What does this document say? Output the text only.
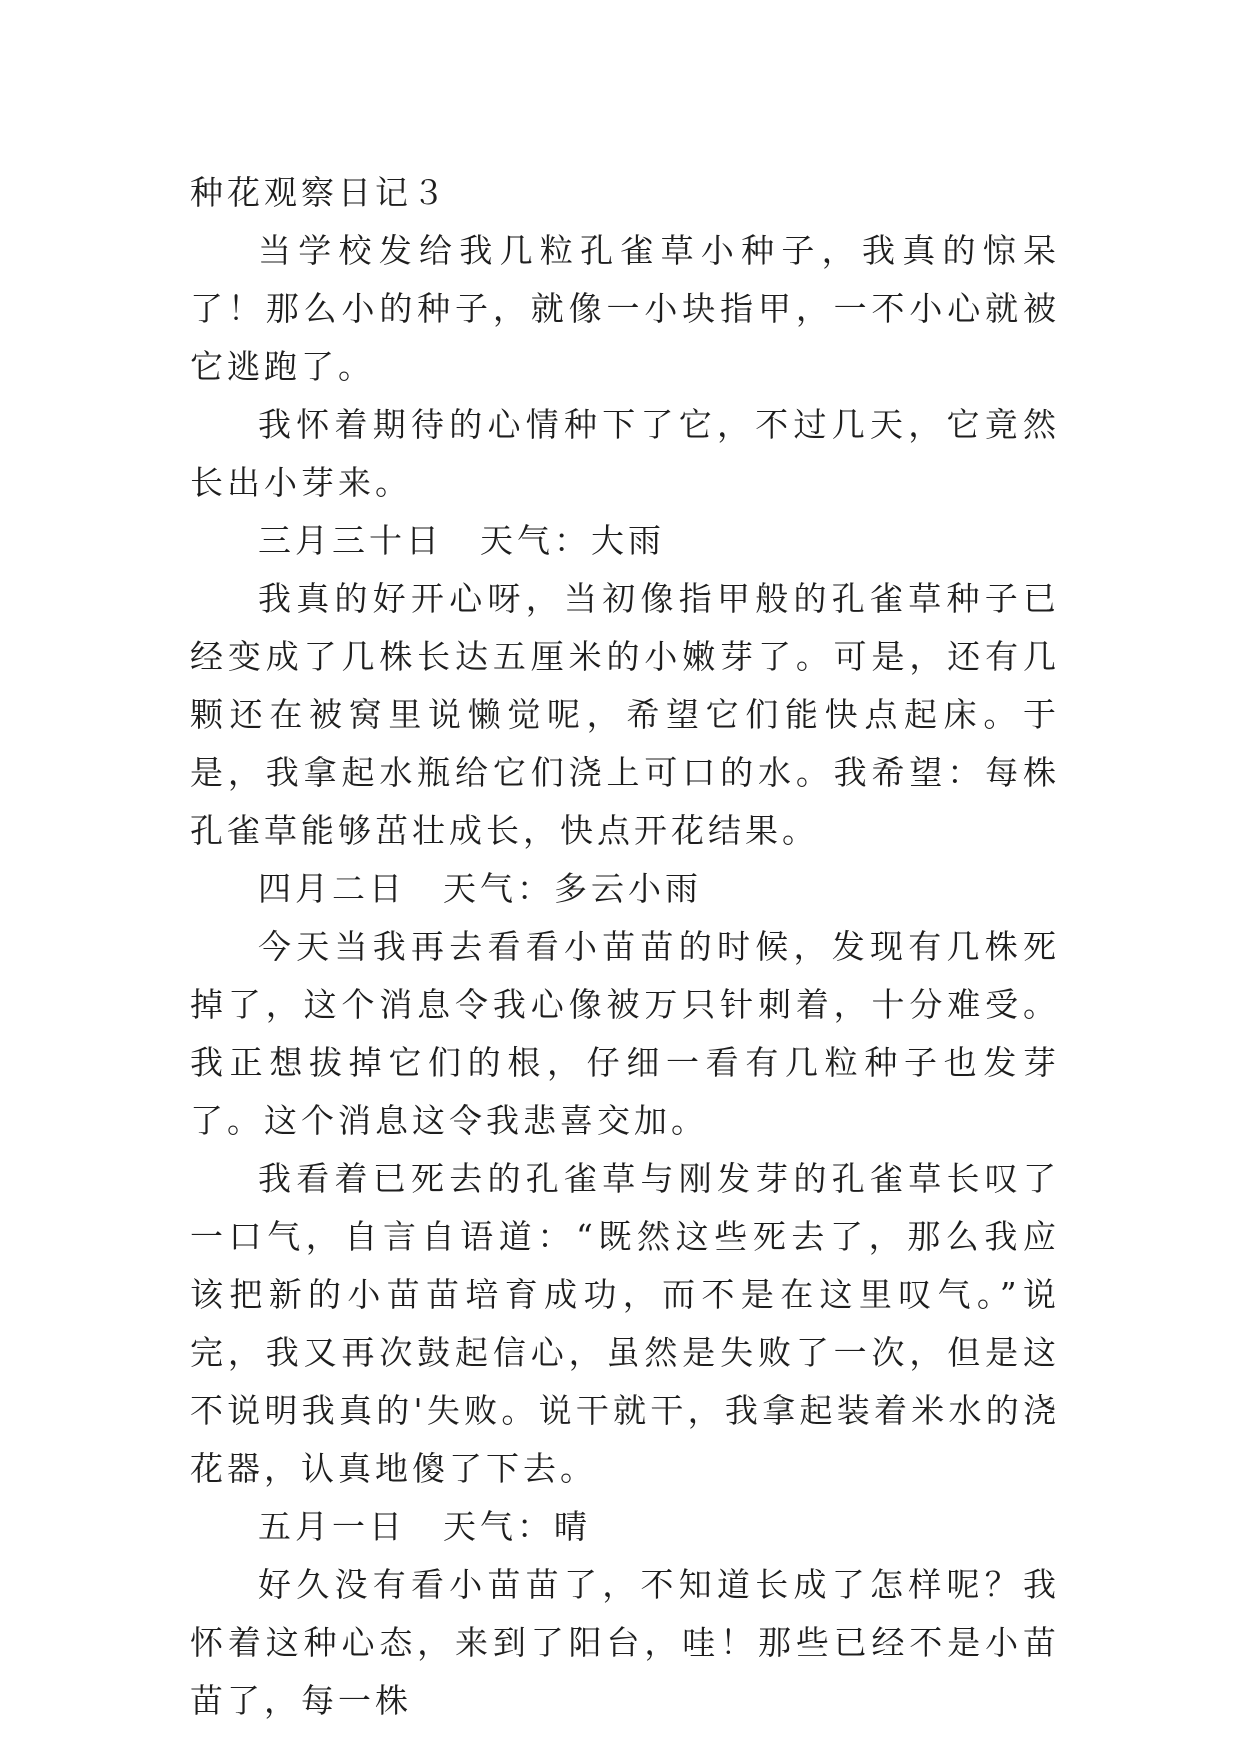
种花观察日记３

当学校发给我几粒孔雀草小种子，我真的惊呆了！那么小的种子，就像一小块指甲，一不小心就被它逃跑了。

我怀着期待的心情种下了它，不过几天，它竟然长出小芽来。

三月三十日　天气：大雨

我真的好开心呀，当初像指甲般的孔雀草种子已经变成了几株长达五厘米的小嫩芽了。可是，还有几颗还在被窝里说懒觉呢，希望它们能快点起床。于是，我拿起水瓶给它们浇上可口的水。我希望：每株孔雀草能够茁壮成长，快点开花结果。

四月二日　天气：多云小雨

今天当我再去看看小苗苗的时候，发现有几株死掉了，这个消息令我心像被万只针刺着，十分难受。我正想拔掉它们的根，仔细一看有几粒种子也发芽了。这个消息这令我悲喜交加。

我看着已死去的孔雀草与刚发芽的孔雀草长叹了一口气，自言自语道：“既然这些死去了，那么我应该把新的小苗苗培育成功，而不是在这里叹气。”说完，我又再次鼓起信心，虽然是失败了一次，但是这不说明我真的'失败。说干就干，我拿起装着米水的浇花器，认真地傻了下去。

五月一日　天气：晴

好久没有看小苗苗了，不知道长成了怎样呢？我怀着这种心态，来到了阳台，哇！那些已经不是小苗苗了，每一株
